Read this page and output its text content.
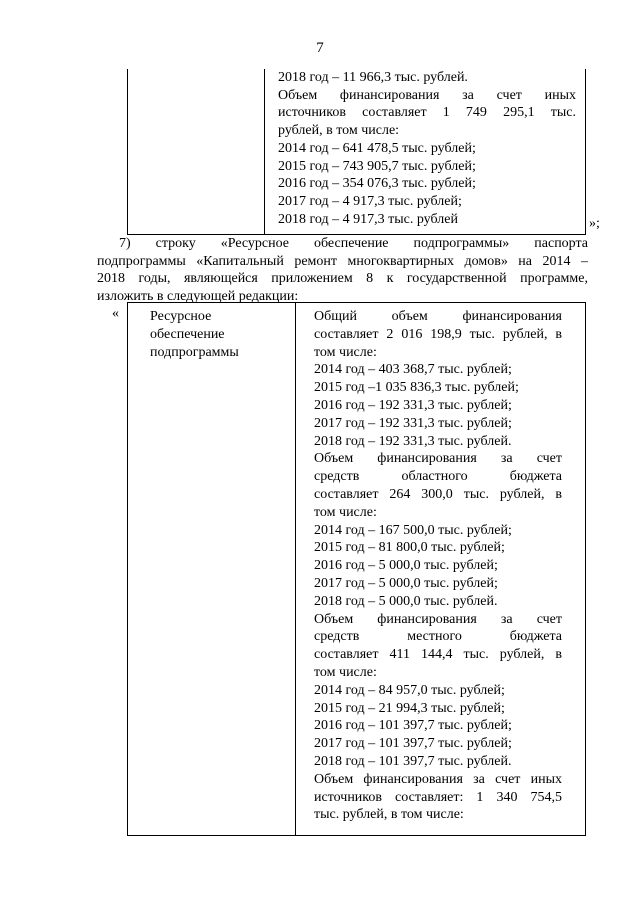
7
2018 год – 11 966,3 тыс. рублей.
Объем финансирования за счет иных
источников составляет 1 749 295,1 тыс.
рублей, в том числе:
2014 год – 641 478,5 тыс. рублей;
2015 год – 743 905,7 тыс. рублей;
2016 год – 354 076,3 тыс. рублей;
2017 год – 4 917,3 тыс. рублей;
2018 год – 4 917,3 тыс. рублей	»;
7) строку «Ресурсное обеспечение подпрограммы» паспорта
подпрограммы «Капитальный ремонт многоквартирных домов» на 2014 –
2018 годы, являющейся приложением 8 к государственной программе,
изложить в следующей редакции:
« Ресурсное
обеспечение
подпрограммы
Общий объем финансирования
составляет 2 016 198,9 тыс. рублей, в
том числе:
2014 год – 403 368,7 тыс. рублей;
2015 год –1 035 836,3 тыс. рублей;
2016 год – 192 331,3 тыс. рублей;
2017 год – 192 331,3 тыс. рублей;
2018 год – 192 331,3 тыс. рублей.
Объем финансирования за счет
средств областного бюджета
составляет 264 300,0 тыс. рублей, в
том числе:
2014 год – 167 500,0 тыс. рублей;
2015 год – 81 800,0 тыс. рублей;
2016 год – 5 000,0 тыс. рублей;
2017 год – 5 000,0 тыс. рублей;
2018 год – 5 000,0 тыс. рублей.
Объем финансирования за счет
средств местного бюджета
составляет 411 144,4 тыс. рублей, в
том числе:
2014 год – 84 957,0 тыс. рублей;
2015 год – 21 994,3 тыс. рублей;
2016 год – 101 397,7 тыс. рублей;
2017 год – 101 397,7 тыс. рублей;
2018 год – 101 397,7 тыс. рублей.
Объем финансирования за счет иных
источников составляет: 1 340 754,5
тыс. рублей, в том числе:
